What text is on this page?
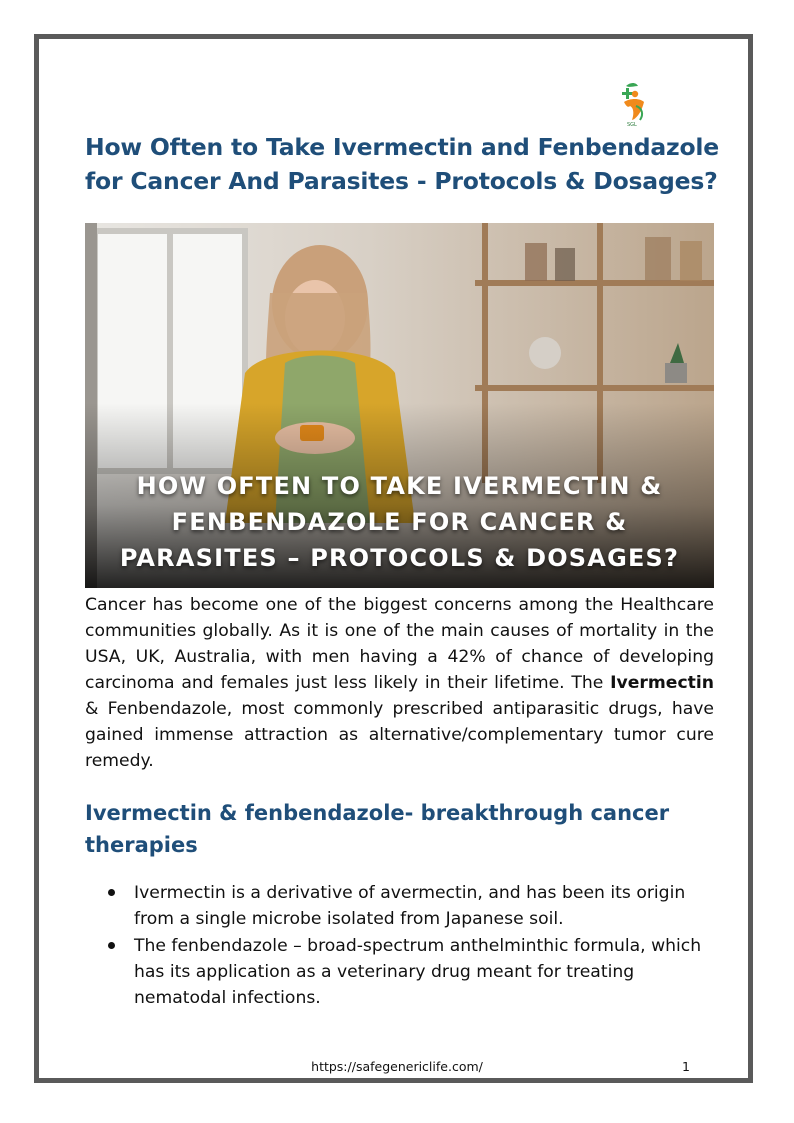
SGL
How Often to Take Ivermectin and Fenbendazole for Cancer And Parasites - Protocols & Dosages?
HOW OFTEN TO TAKE IVERMECTIN & FENBENDAZOLE FOR CANCER & PARASITES – PROTOCOLS & DOSAGES?

Cancer has become one of the biggest concerns among the Healthcare communities globally. As it is one of the main causes of mortality in the USA, UK, Australia, with men having a 42% of chance of developing carcinoma and females just less likely in their lifetime. The Ivermectin & Fenbendazole, most commonly prescribed antiparasitic drugs, have gained immense attraction as alternative/complementary tumor cure remedy.

Ivermectin & fenbendazole- breakthrough cancer therapies
Ivermectin is a derivative of avermectin, and has been its origin from a single microbe isolated from Japanese soil.
The fenbendazole – broad-spectrum anthelminthic formula, which has its application as a veterinary drug meant for treating nematodal infections.
https://safegenericlife.com/	1
